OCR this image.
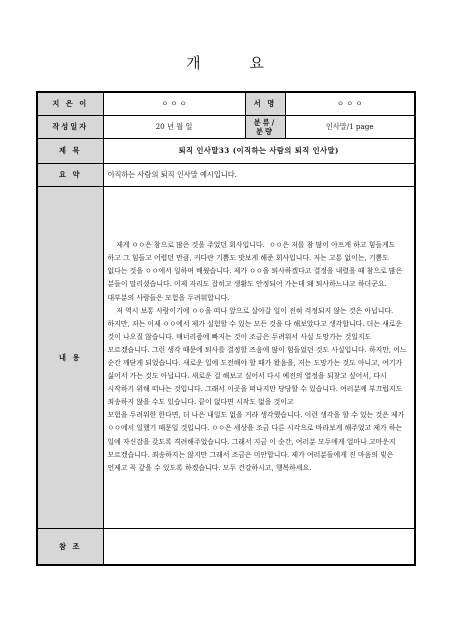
개 요
지 은 이	ㅇ ㅇ ㅇ	서 명	ㅇ ㅇ ㅇ
작성일자	20 년 월 일	분류/분량	인사말/1 page
제 목	퇴직 인사말33 (이직하는 사람의 퇴직 인사말)		
요 약	이직하는 사람의 퇴직 인사말 예시입니다.		
내 용	제게 ㅇㅇ은 참으로 많은 것을 주었던 회사입니다.  ㅇㅇ은 저를 참 많이 아프게 하고 힘들게도 하고 그 힘들고 어렵던 만큼, 커다란 기쁨도 맛보게 해준 회사입니다. 저는 고통 없이는, 기쁨도 없다는 것을 ㅇㅇ에서 일하며 배웠습니다. 제가 ㅇㅇ을 퇴사하겠다고 결정을 내렸을 때 참으로 많은 분들이 말리셨습니다. 이제 자리도 잡히고 생활도 안정되어 가는데 왜 퇴사하느냐고 하더군요. 대부분의 사람들은 모험을 두려워합니다.

저 역시 보통 사람이기에 ㅇㅇ을 떠나 앞으로 살아갈 일이 전혀 걱정되지 않는 것은 아닙니다. 하지만, 저는 이제 ㅇㅇ에서 제가 실험할 수 있는 모든 것을 다 해보았다고 생각합니다. 더는 새로운 것이 나오질 않습니다. 매너리즘에 빠지는 것이 조금은 두려워서 사실 도망가는 것일지도 모르겠습니다. 그런 생각 때문에 퇴사를 결정할 즈음에 많이 힘들었던 것도 사실입니다. 하지만, 어느 순간 깨닫게 되었습니다. 새로운 일에 도전해야 할 때가 왔음을, 저는 도망가는 것도 아니고, 여기가 싫어서 가는 것도 아닙니다. 새로운 걸 해보고 싶어서 다시 예전의 열정을 되찾고 싶어서, 다시 시작하기 위해 떠나는 것입니다. 그래서 이곳을 떠나지만 당당할 수 있습니다. 여러분께 부끄럽지도 죄송하지 않을 수도 있습니다. 끝이 없다면 시작도 없을 것이고

모험을 두려워한 한다면, 더 나은 내일도 없을 거라 생각했습니다. 이런 생각을 할 수 있는 것은 제가 ㅇㅇ에서 일했기 때문일 것입니다. ㅇㅇ은 세상을 조금 다른 시각으로 바라보게 해주었고 제가 하는 일에 자신감을 갖도록 격려해주었습니다. 그래서 지금 이 순간, 여러분 모두에게 얼마나 고마운지 모르겠습니다. 죄송하지는 않지만 그래서 조금은 미안합니다. 제가 여러분들에게 진 마음의 빚은 언제고 꼭 갚을 수 있도록 하겠습니다. 모두 건강하시고, 행복하세요.		

참 조			
